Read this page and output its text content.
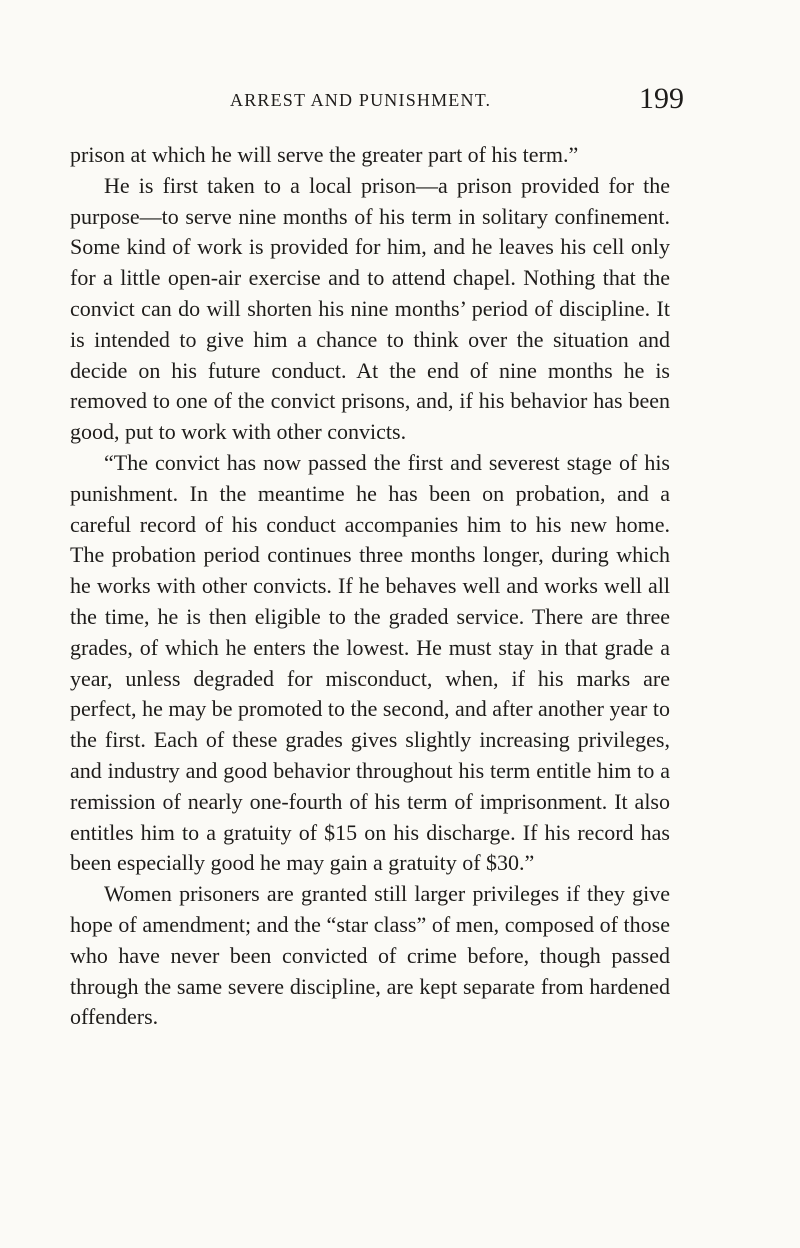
ARREST AND PUNISHMENT.	199

prison at which he will serve the greater part of his term.”

He is first taken to a local prison—a prison provided for the purpose—to serve nine months of his term in solitary confinement. Some kind of work is provided for him, and he leaves his cell only for a little open-air exercise and to attend chapel. Nothing that the convict can do will shorten his nine months’ period of discipline. It is intended to give him a chance to think over the situation and decide on his future conduct. At the end of nine months he is removed to one of the convict prisons, and, if his behavior has been good, put to work with other convicts.

“The convict has now passed the first and severest stage of his punishment. In the meantime he has been on probation, and a careful record of his conduct accompanies him to his new home. The probation period continues three months longer, during which he works with other convicts. If he behaves well and works well all the time, he is then eligible to the graded service. There are three grades, of which he enters the lowest. He must stay in that grade a year, unless degraded for misconduct, when, if his marks are perfect, he may be promoted to the second, and after another year to the first. Each of these grades gives slightly increasing privileges, and industry and good behavior throughout his term entitle him to a remission of nearly one-fourth of his term of imprisonment. It also entitles him to a gratuity of $15 on his discharge. If his record has been especially good he may gain a gratuity of $30.”

Women prisoners are granted still larger privileges if they give hope of amendment; and the “star class” of men, composed of those who have never been convicted of crime before, though passed through the same severe discipline, are kept separate from hardened offenders.
